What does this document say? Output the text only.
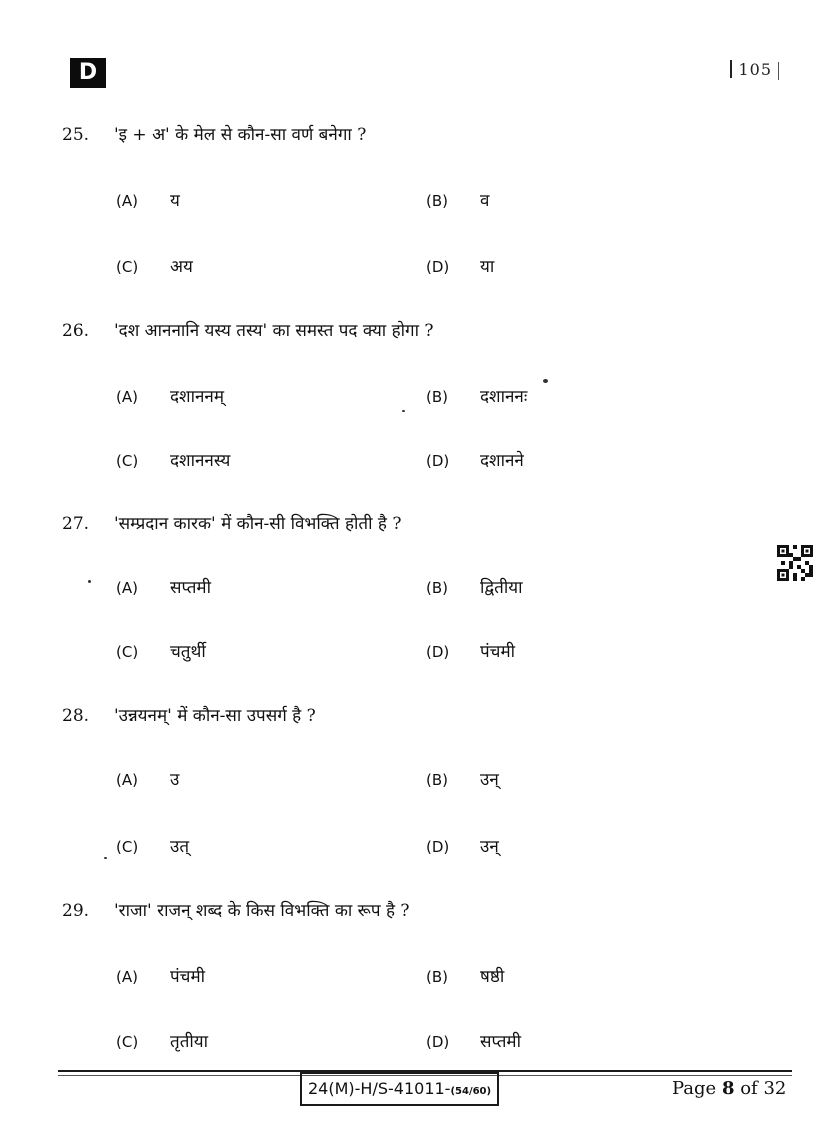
D	105
25. 'इ + अ' के मेल से कौन-सा वर्ण बनेगा ?
(A) य	(B) व
(C) अय	(D) या
26. 'दश आननानि यस्य तस्य' का समस्त पद क्या होगा ?
(A) दशाननम्	(B) दशाननः
(C) दशाननस्य	(D) दशानने
27. 'सम्प्रदान कारक' में कौन-सी विभक्ति होती है ?
(A) सप्तमी	(B) द्वितीया
(C) चतुर्थी	(D) पंचमी
28. 'उन्नयनम्' में कौन-सा उपसर्ग है ?
(A) उ	(B) उन्
(C) उत्	(D) उन्
29. 'राजा' राजन् शब्द के किस विभक्ति का रूप है ?
(A) पंचमी	(B) षष्ठी
(C) तृतीया	(D) सप्तमी
24(M)-H/S-41011-(54/60)	Page 8 of 32
